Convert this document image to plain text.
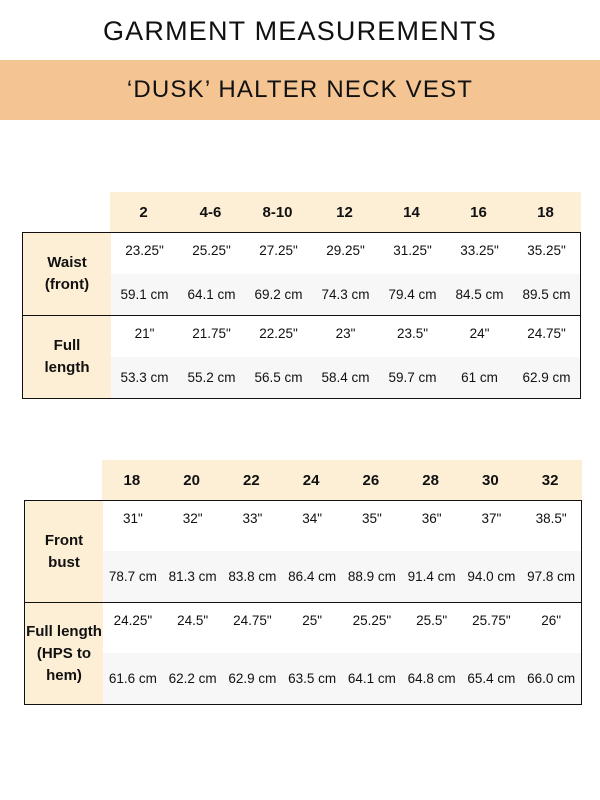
GARMENT MEASUREMENTS
‘DUSK’ HALTER NECK VEST
2	4-6	8-10	12	14	16	18
Waist
(front)
23.25"	25.25"	27.25"	29.25"	31.25"	33.25"	35.25"
59.1 cm	64.1 cm	69.2 cm	74.3 cm	79.4 cm	84.5 cm	89.5 cm
Full
length
21"	21.75"	22.25"	23"	23.5"	24"	24.75"
53.3 cm	55.2 cm	56.5 cm	58.4 cm	59.7 cm	61 cm	62.9 cm
18	20	22	24	26	28	30	32
Front
bust
31"	32"	33"	34"	35"	36"	37"	38.5"
78.7 cm 81.3 cm 83.8 cm 86.4 cm 88.9 cm 91.4 cm 94.0 cm 97.8 cm
Full length
(HPS to
hem)
24.25"	24.5"	24.75"	25"	25.25"	25.5"	25.75"	26"
61.6 cm 62.2 cm 62.9 cm 63.5 cm 64.1 cm 64.8 cm 65.4 cm 66.0 cm
